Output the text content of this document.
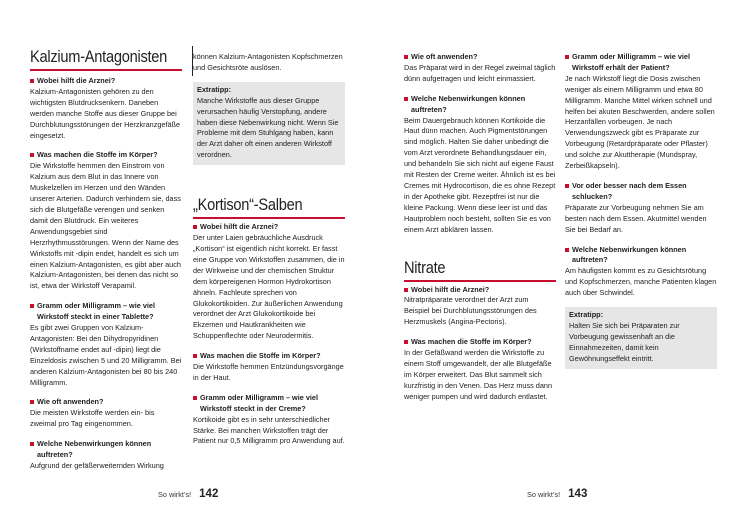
Kalzium-Antagonisten
Wobei hilft die Arznei?
Kalzium-Antagonisten gehören zu den wichtigsten Blutdrucksenkern. Daneben werden manche Stoffe aus dieser Gruppe bei Durchblutungsstörungen der Herzkranzgefäße eingesetzt.
Was machen die Stoffe im Körper?
Die Wirkstoffe hemmen den Einstrom von Kalzium aus dem Blut in das Innere von Muskelzellen im Herzen und den Wänden unserer Arterien. Dadurch verhindern sie, dass sich die Blutgefäße verengen und senken damit den Blutdruck. Ein weiteres Anwendungsgebiet sind Herzrhythmusstörungen. Wenn der Name des Wirkstoffs mit -dipin endet, handelt es sich um einen Kalzium-Antagonisten, es gibt aber auch Kalzium-Antagonisten, bei denen das nicht so ist, etwa der Wirkstoff Verapamil.
Gramm oder Milligramm – wie viel Wirkstoff steckt in einer Tablette?
Es gibt zwei Gruppen von Kalzium-Antagonisten: Bei den Dihydropyridinen (Wirkstoffname endet auf -dipin) liegt die Einzeldosis zwischen 5 und 20 Milligramm. Bei anderen Kalzium-Antagonisten bei 80 bis 240 Milligramm.
Wie oft anwenden?
Die meisten Wirkstoffe werden ein- bis zweimal pro Tag eingenommen.
Welche Nebenwirkungen können auftreten?
Aufgrund der gefäßerweiternden Wirkung
können Kalzium-Antagonisten Kopfschmerzen und Gesichtsröte auslösen.
Extratipp:
Manche Wirkstoffe aus dieser Gruppe verursachen häufig Verstopfung, andere haben diese Nebenwirkung nicht. Wenn Sie Probleme mit dem Stuhlgang haben, kann der Arzt daher oft einen anderen Wirkstoff verordnen.
„Kortison“-Salben
Wobei hilft die Arznei?
Der unter Laien gebräuchliche Ausdruck „Kortison“ ist eigentlich nicht korrekt. Er fasst eine Gruppe von Wirkstoffen zusammen, die in der Wirkweise und der chemischen Struktur dem körpereigenen Hormon Hydrokortison ähneln. Fachleute sprechen von Glukokortikoiden. Zur äußerlichen Anwendung verordnet der Arzt Glukokortikoide bei Ekzemen und Hautkrankheiten wie Schuppenflechte oder Neurodermitis.
Was machen die Stoffe im Körper?
Die Wirkstoffe hemmen Entzündungsvorgänge in der Haut.
Gramm oder Milligramm – wie viel Wirkstoff steckt in der Creme?
Kortikoide gibt es in sehr unterschiedlicher Stärke. Bei manchen Wirkstoffen trägt der Patient nur 0,5 Milligramm pro Anwendung auf.
So wirkt’s! 142
Wie oft anwenden?
Das Präparat wird in der Regel zweimal täglich dünn aufgetragen und leicht einmassiert.
Welche Nebenwirkungen können auftreten?
Beim Dauergebrauch können Kortikoide die Haut dünn machen. Auch Pigmentstörungen sind möglich. Halten Sie daher unbedingt die vom Arzt verordnete Behandlungsdauer ein, und behandeln Sie sich nicht auf eigene Faust mit Resten der Creme weiter. Ähnlich ist es bei Cremes mit Hydrocortison, die es ohne Rezept in der Apotheke gibt. Rezeptfrei ist nur die kleine Packung. Wenn diese leer ist und das Hautproblem noch besteht, sollten Sie es von einem Arzt abklären lassen.
Nitrate
Wobei hilft die Arznei?
Nitratpräparate verordnet der Arzt zum Beispiel bei Durchblutungsstörungen des Herzmuskels (Angina-Pectoris).
Was machen die Stoffe im Körper?
In der Gefäßwand werden die Wirkstoffe zu einem Stoff umgewandelt, der alle Blutgefäße im Körper erweitert. Das Blut sammelt sich kurzfristig in den Venen. Das Herz muss dann weniger pumpen und wird dadurch entlastet.
Gramm oder Milligramm – wie viel Wirkstoff erhält der Patient?
Je nach Wirkstoff liegt die Dosis zwischen weniger als einem Milligramm und etwa 80 Milligramm. Manche Mittel wirken schnell und helfen bei akuten Beschwerden, andere sollen Herzanfällen vorbeugen. Je nach Verwendungszweck gibt es Präparate zur Vorbeugung (Retardpräparate oder Pflaster) und solche zur Akuttherapie (Mundspray, Zerbeißkapseln).
Vor oder besser nach dem Essen schlucken?
Präparate zur Vorbeugung nehmen Sie am besten nach dem Essen. Akutmittel wenden Sie bei Bedarf an.
Welche Nebenwirkungen können auftreten?
Am häufigsten kommt es zu Gesichtsrötung und Kopfschmerzen, manche Patienten klagen auch über Schwindel.
Extratipp:
Halten Sie sich bei Präparaten zur Vorbeugung gewissenhaft an die Einnahmezeiten, damit kein Gewöhnungseffekt eintritt.
So wirkt’s! 143
